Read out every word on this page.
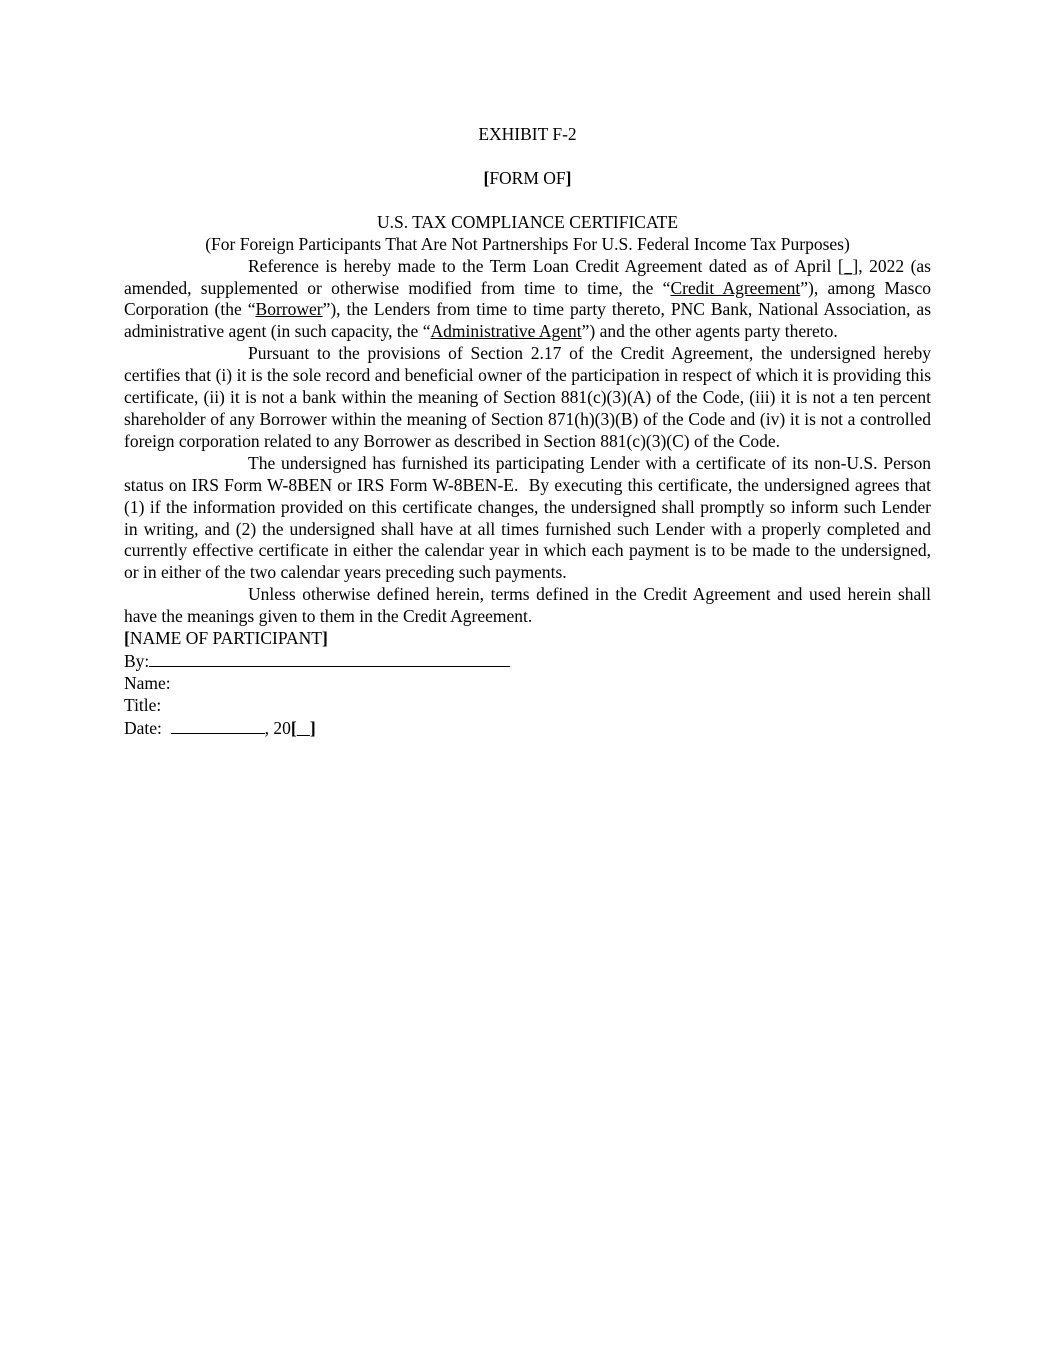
EXHIBIT F-2
[FORM OF]
U.S. TAX COMPLIANCE CERTIFICATE
(For Foreign Participants That Are Not Partnerships For U.S. Federal Income Tax Purposes)

Reference is hereby made to the Term Loan Credit Agreement dated as of April [_], 2022 (as amended, supplemented or otherwise modified from time to time, the “Credit Agreement”), among Masco Corporation (the “Borrower”), the Lenders from time to time party thereto, PNC Bank, National Association, as administrative agent (in such capacity, the “Administrative Agent”) and the other agents party thereto.

Pursuant to the provisions of Section 2.17 of the Credit Agreement, the undersigned hereby certifies that (i) it is the sole record and beneficial owner of the participation in respect of which it is providing this certificate, (ii) it is not a bank within the meaning of Section 881(c)(3)(A) of the Code, (iii) it is not a ten percent shareholder of any Borrower within the meaning of Section 871(h)(3)(B) of the Code and (iv) it is not a controlled foreign corporation related to any Borrower as described in Section 881(c)(3)(C) of the Code.

The undersigned has furnished its participating Lender with a certificate of its non-U.S. Person status on IRS Form W-8BEN or IRS Form W-8BEN-E.  By executing this certificate, the undersigned agrees that (1) if the information provided on this certificate changes, the undersigned shall promptly so inform such Lender in writing, and (2) the undersigned shall have at all times furnished such Lender with a properly completed and currently effective certificate in either the calendar year in which each payment is to be made to the undersigned, or in either of the two calendar years preceding such payments.

Unless otherwise defined herein, terms defined in the Credit Agreement and used herein shall have the meanings given to them in the Credit Agreement.

[NAME OF PARTICIPANT]
By:
Name:
Title:
Date:	, 20[ ]
